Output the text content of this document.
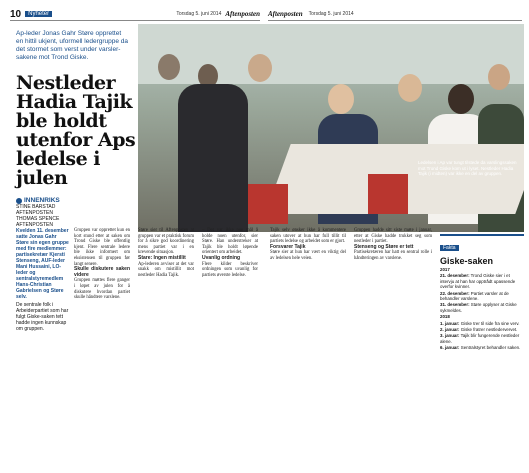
10	Nyheter	Torsdag 5. juni 2014 Aftenposten Aftenposten Torsdag 5. juni 2014
Ap-leder Jonas Gahr Støre opprettet en hittil ukjent, uformell ledergruppe da det stormet som verst under varsler-sakene mot Trond Giske.
Nestleder Hadia Tajik ble holdt utenfor Aps ledelse i julen
Ledelsen i Ap var tungt tilstede da varslingssaken mot Trond Giske kom ut i lyset. Nestleder Hadia Tajik (i midten) var ikke en del av gruppen.
INNENRIKS
STINE BARSTAD
AFTENPOSTEN
THOMAS SPENCE
AFTENPOSTEN
Kvelden 11. desember satte Jonas Gahr Støre sin egen gruppe med fire medlemmer: partisekretær Kjersti Stenseng, AUF-leder Mani Hussaini, LO-leder og sentralstyremedlem Hans-Christian Gabrielsen og Støre selv.
De sentrale folk i Arbeiderpartiet som har fulgt Giske-saken tett hadde ingen kunnskap om gruppen.
Gruppen var opprettet kun en kort stund etter at saken om Trond Giske ble offentlig kjent. Flere sentrale ledere ble ikke informert om eksistensen til gruppen før langt senere.
Skulle diskutere saken videre
Gruppen møttes flere ganger i løpet av julen for å diskutere hvordan partiet skulle håndtere varslene.
Støre sier til Aftenposten at gruppen var et praktisk forum for å sikre god koordinering mens partiet var i en krevende situasjon.
Stare: Ingen mistillit
Ap-lederen avviser at det var snakk om mistillit mot nestleder Hadia Tajik.
– Det var ikke noe mål å holde noen utenfor, sier Støre. Han understreker at Tajik ble holdt løpende orientert om arbeidet.
Uvanlig ordning
Flere kilder beskriver ordningen som uvanlig for partiets øverste ledelse.
Tajik selv ønsker ikke å kommentere saken utover at hun har full tillit til partiets ledelse og arbeidet som er gjort.
Forsvarer Tajik
Støre sier at hun har vært en viktig del av ledelsen hele veien.
Gruppen hadde sitt siste møte i januar, etter at Giske hadde trukket seg som nestleder i partiet.
Stenseng og Støre er tett
Partisekretæren har hatt en sentral rolle i håndteringen av varslene.
Fakta
Giske-saken
2017
21. desember: Trond Giske sier i et intervju at han har opptrådt upassende overfor kvinner.
22. desember: Partiet varsler at de behandler varslene.
31. desember: Støre opplyser at Giske sykmeldes.
2018
1. januar: Giske trer til side fra sine verv.
2. januar: Giske fratrer nestledervervet.
3. januar: Tajik blir fungerende nestleder alene.
6. januar: Sentralstyret behandler saken.
